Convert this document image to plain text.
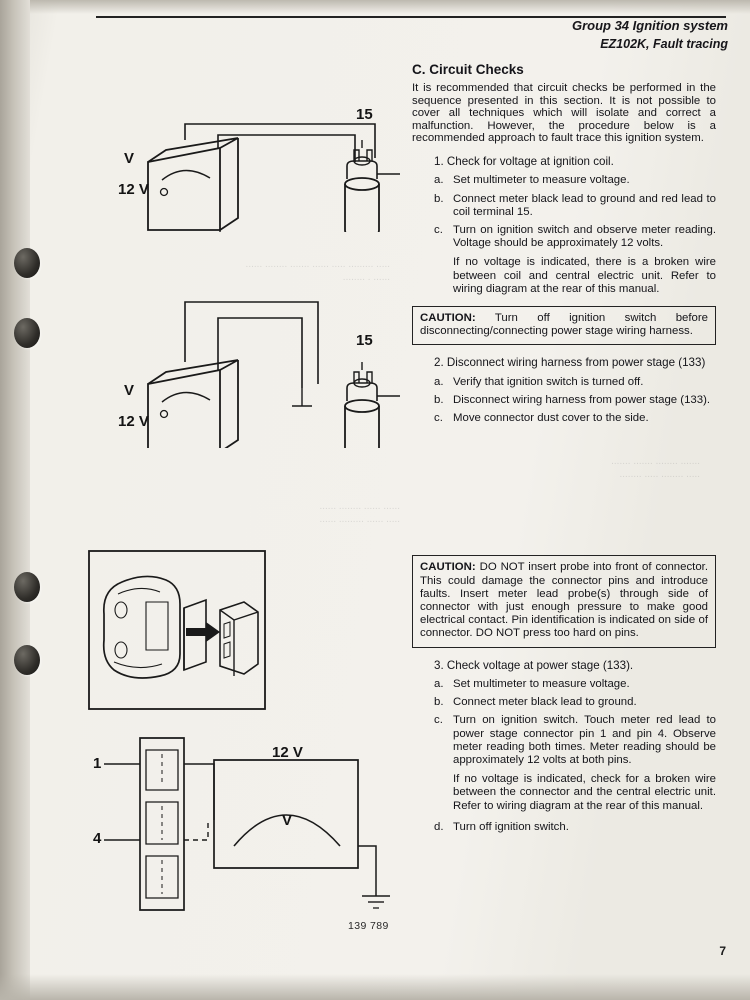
Group 34 Ignition system
EZ102K, Fault tracing
..... ......... ..... ...... ....... ........ ......
...... . ........
....... ........ ....... .......
..... ........ ..... ........
...... ...... ........ ......
..... ...... ......... ......
15
V
12 V
15
V
12 V
1
4
12 V
V
C. Circuit Checks

It is recommended that circuit checks be performed in the sequence presented in this section. It is not possible to cover all techniques which will isolate and correct a malfunction. However, the procedure below is a recommended approach to fault trace this ignition system.

1. Check for voltage at ignition coil.
a. Set multimeter to measure voltage.
b. Connect meter black lead to ground and red lead to coil terminal 15.
c. Turn on ignition switch and observe meter reading. Voltage should be approximately 12 volts.

If no voltage is indicated, there is a broken wire between coil and central electric unit. Refer to wiring diagram at the rear of this manual.

CAUTION: Turn off ignition switch before disconnecting/connecting power stage wiring harness.
2. Disconnect wiring harness from power stage (133)
a. Verify that ignition switch is turned off.
b. Disconnect wiring harness from power stage (133).
c. Move connector dust cover to the side.
CAUTION: DO NOT insert probe into front of connector. This could damage the connector pins and introduce faults. Insert meter lead probe(s) through side of connector with just enough pressure to make good electrical contact. Pin identification is indicated on side of connector. DO NOT press too hard on pins.
3. Check voltage at power stage (133).
a. Set multimeter to measure voltage.
b. Connect meter black lead to ground.
c. Turn on ignition switch. Touch meter red lead to power stage connector pin 1 and pin 4. Observe meter reading both times. Meter reading should be approximately 12 volts at both pins.

If no voltage is indicated, check for a broken wire between the connector and the central electric unit. Refer to wiring diagram at the rear of this manual.

d. Turn off ignition switch.
139 789
7
